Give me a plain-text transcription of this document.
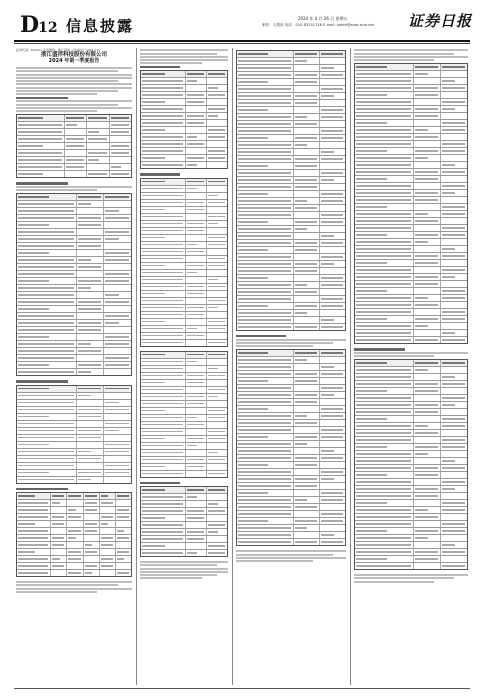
D12 信息披露	2024 年 4 月 26 日 星期五
制作：王敬涛 电话：010-83251716 E-mail: zqrb9@zqrb.sina.net 证券日报
证券代码：603xxx 证券简称：浙江盛洋 公告编号：2024-xxx
浙江盛洋科技股份有限公司
2024 年第一季度报告
